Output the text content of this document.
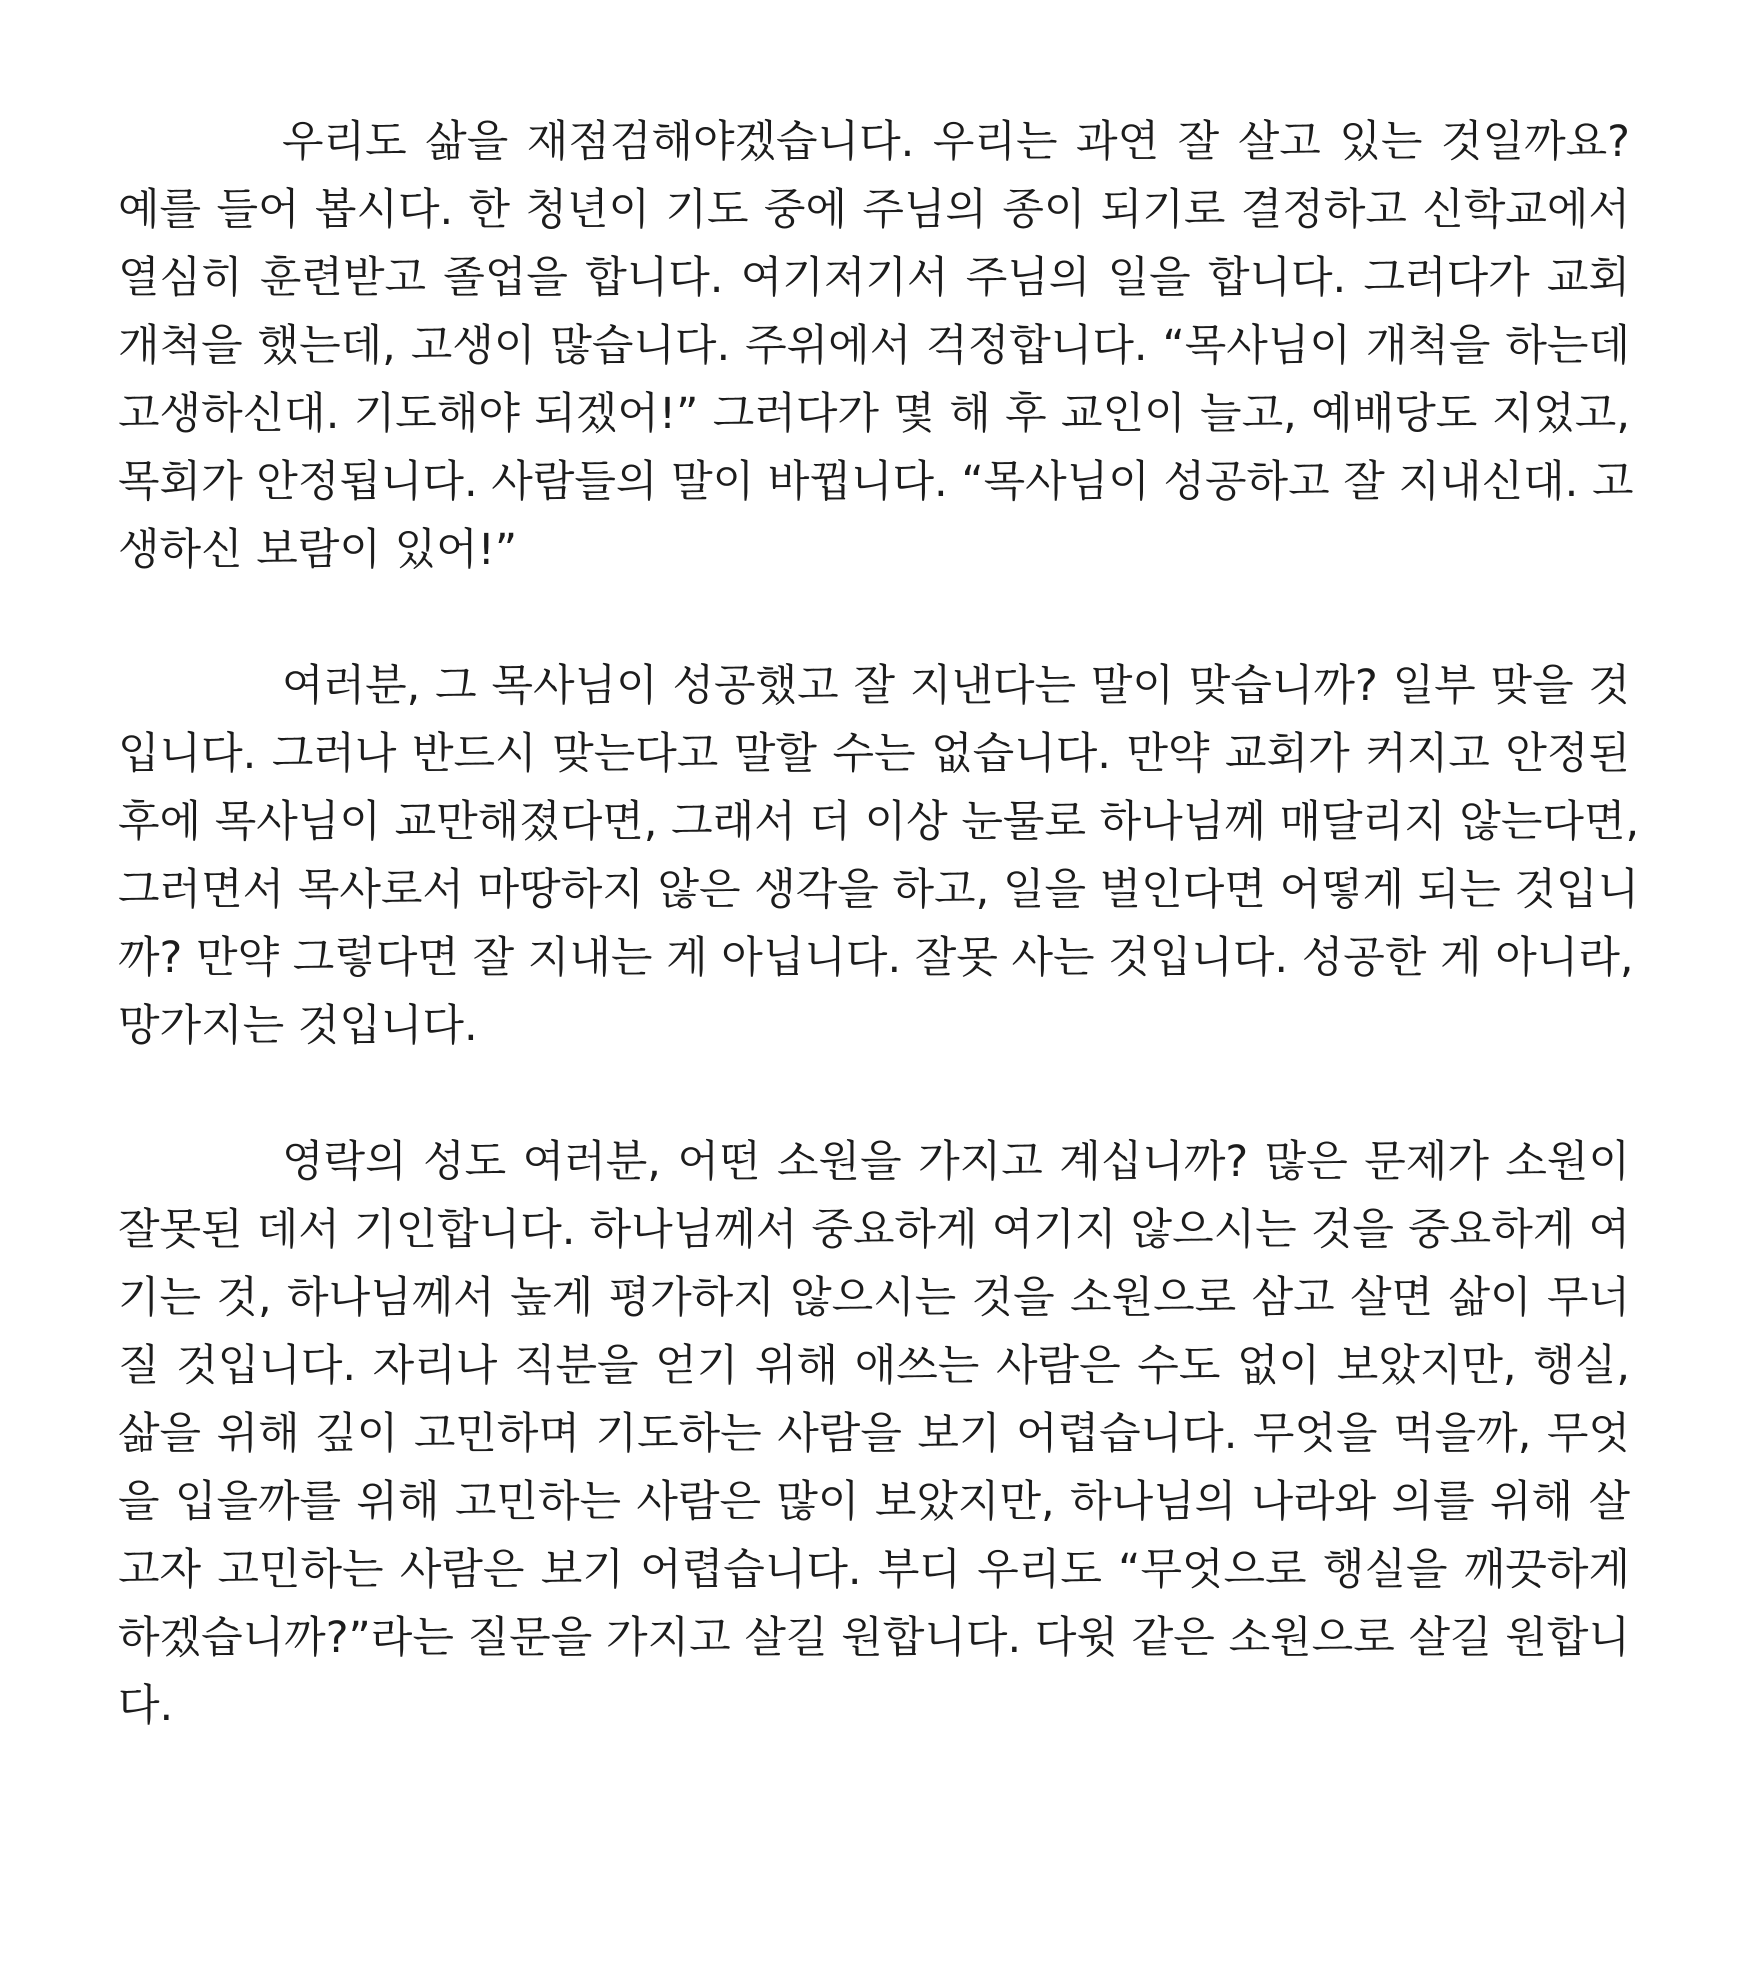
우리도 삶을 재점검해야겠습니다. 우리는 과연 잘 살고 있는 것일까요?
예를 들어 봅시다. 한 청년이 기도 중에 주님의 종이 되기로 결정하고 신학교에서
열심히 훈련받고 졸업을 합니다. 여기저기서 주님의 일을 합니다. 그러다가 교회
개척을 했는데, 고생이 많습니다. 주위에서 걱정합니다. “목사님이 개척을 하는데
고생하신대. 기도해야 되겠어!” 그러다가 몇 해 후 교인이 늘고, 예배당도 지었고,
목회가 안정됩니다. 사람들의 말이 바뀝니다. “목사님이 성공하고 잘 지내신대. 고
생하신 보람이 있어!”
여러분, 그 목사님이 성공했고 잘 지낸다는 말이 맞습니까? 일부 맞을 것
입니다. 그러나 반드시 맞는다고 말할 수는 없습니다. 만약 교회가 커지고 안정된
후에 목사님이 교만해졌다면, 그래서 더 이상 눈물로 하나님께 매달리지 않는다면,
그러면서 목사로서 마땅하지 않은 생각을 하고, 일을 벌인다면 어떻게 되는 것입니
까? 만약 그렇다면 잘 지내는 게 아닙니다. 잘못 사는 것입니다. 성공한 게 아니라,
망가지는 것입니다.
영락의 성도 여러분, 어떤 소원을 가지고 계십니까? 많은 문제가 소원이
잘못된 데서 기인합니다. 하나님께서 중요하게 여기지 않으시는 것을 중요하게 여
기는 것, 하나님께서 높게 평가하지 않으시는 것을 소원으로 삼고 살면 삶이 무너
질 것입니다. 자리나 직분을 얻기 위해 애쓰는 사람은 수도 없이 보았지만, 행실,
삶을 위해 깊이 고민하며 기도하는 사람을 보기 어렵습니다. 무엇을 먹을까, 무엇
을 입을까를 위해 고민하는 사람은 많이 보았지만, 하나님의 나라와 의를 위해 살
고자 고민하는 사람은 보기 어렵습니다. 부디 우리도 “무엇으로 행실을 깨끗하게
하겠습니까?”라는 질문을 가지고 살길 원합니다. 다윗 같은 소원으로 살길 원합니
다.
